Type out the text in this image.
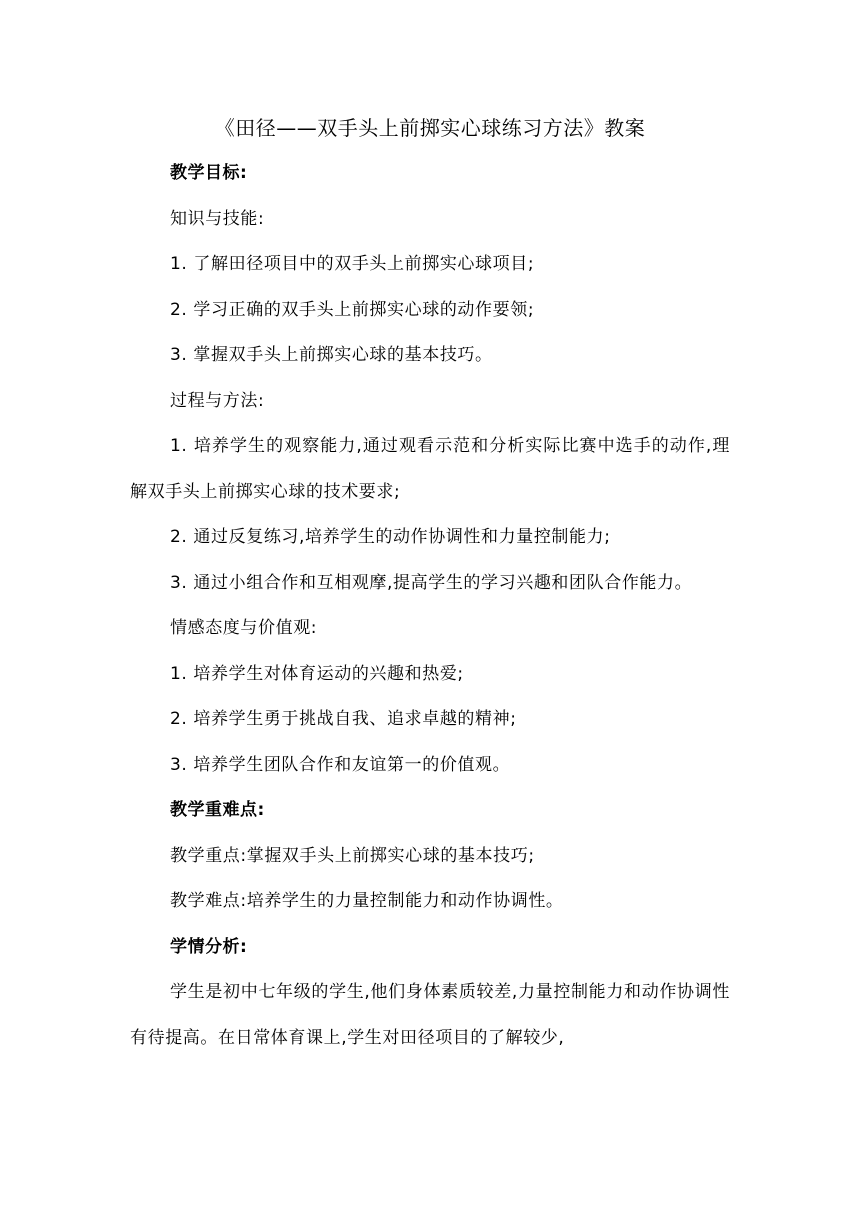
《田径——双手头上前掷实心球练习方法》教案

教学目标:

知识与技能:

1. 了解田径项目中的双手头上前掷实心球项目;

2. 学习正确的双手头上前掷实心球的动作要领;

3. 掌握双手头上前掷实心球的基本技巧。

过程与方法:

1. 培养学生的观察能力,通过观看示范和分析实际比赛中选手的动作,理解双手头上前掷实心球的技术要求;

2. 通过反复练习,培养学生的动作协调性和力量控制能力;

3. 通过小组合作和互相观摩,提高学生的学习兴趣和团队合作能力。

情感态度与价值观:

1. 培养学生对体育运动的兴趣和热爱;

2. 培养学生勇于挑战自我、追求卓越的精神;

3. 培养学生团队合作和友谊第一的价值观。

教学重难点:

教学重点:掌握双手头上前掷实心球的基本技巧;

教学难点:培养学生的力量控制能力和动作协调性。

学情分析:

学生是初中七年级的学生,他们身体素质较差,力量控制能力和动作协调性有待提高。在日常体育课上,学生对田径项目的了解较少,
